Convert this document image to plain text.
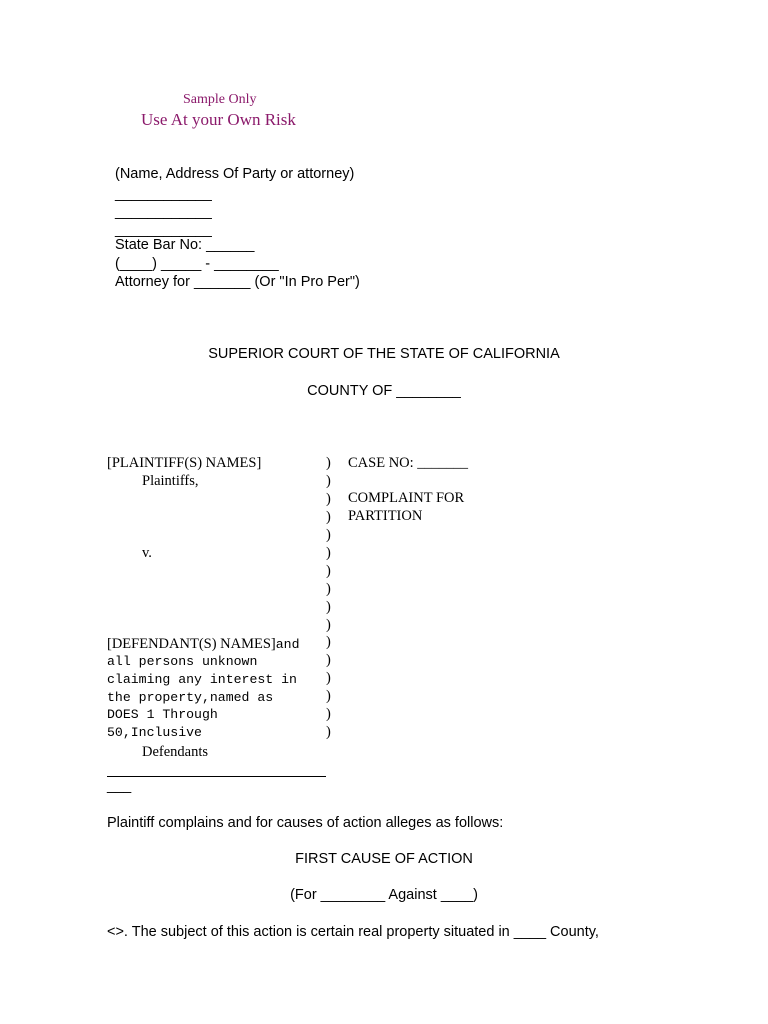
Sample Only
Use At your Own Risk
(Name, Address Of Party or attorney)
____________
____________
____________
State Bar No: ______
(____) _____ - ________
Attorney for _______ (Or "In Pro Per")
SUPERIOR COURT OF THE STATE OF CALIFORNIA
COUNTY OF ________
[PLAINTIFF(S) NAMES]
Plaintiffs,
v.
[DEFENDANT(S) NAMES]and
all persons unknown
claiming any interest in
the property,named as
DOES 1 Through
50,Inclusive
Defendants
)
)
)
)
)
)
)
)
)
)
)
)
)
)
)
)
CASE NO: _______
COMPLAINT FOR
PARTITION
___
Plaintiff complains and for causes of action alleges as follows:
FIRST CAUSE OF ACTION
(For ________ Against ____)
<>. The subject of this action is certain real property situated in ____ County,
